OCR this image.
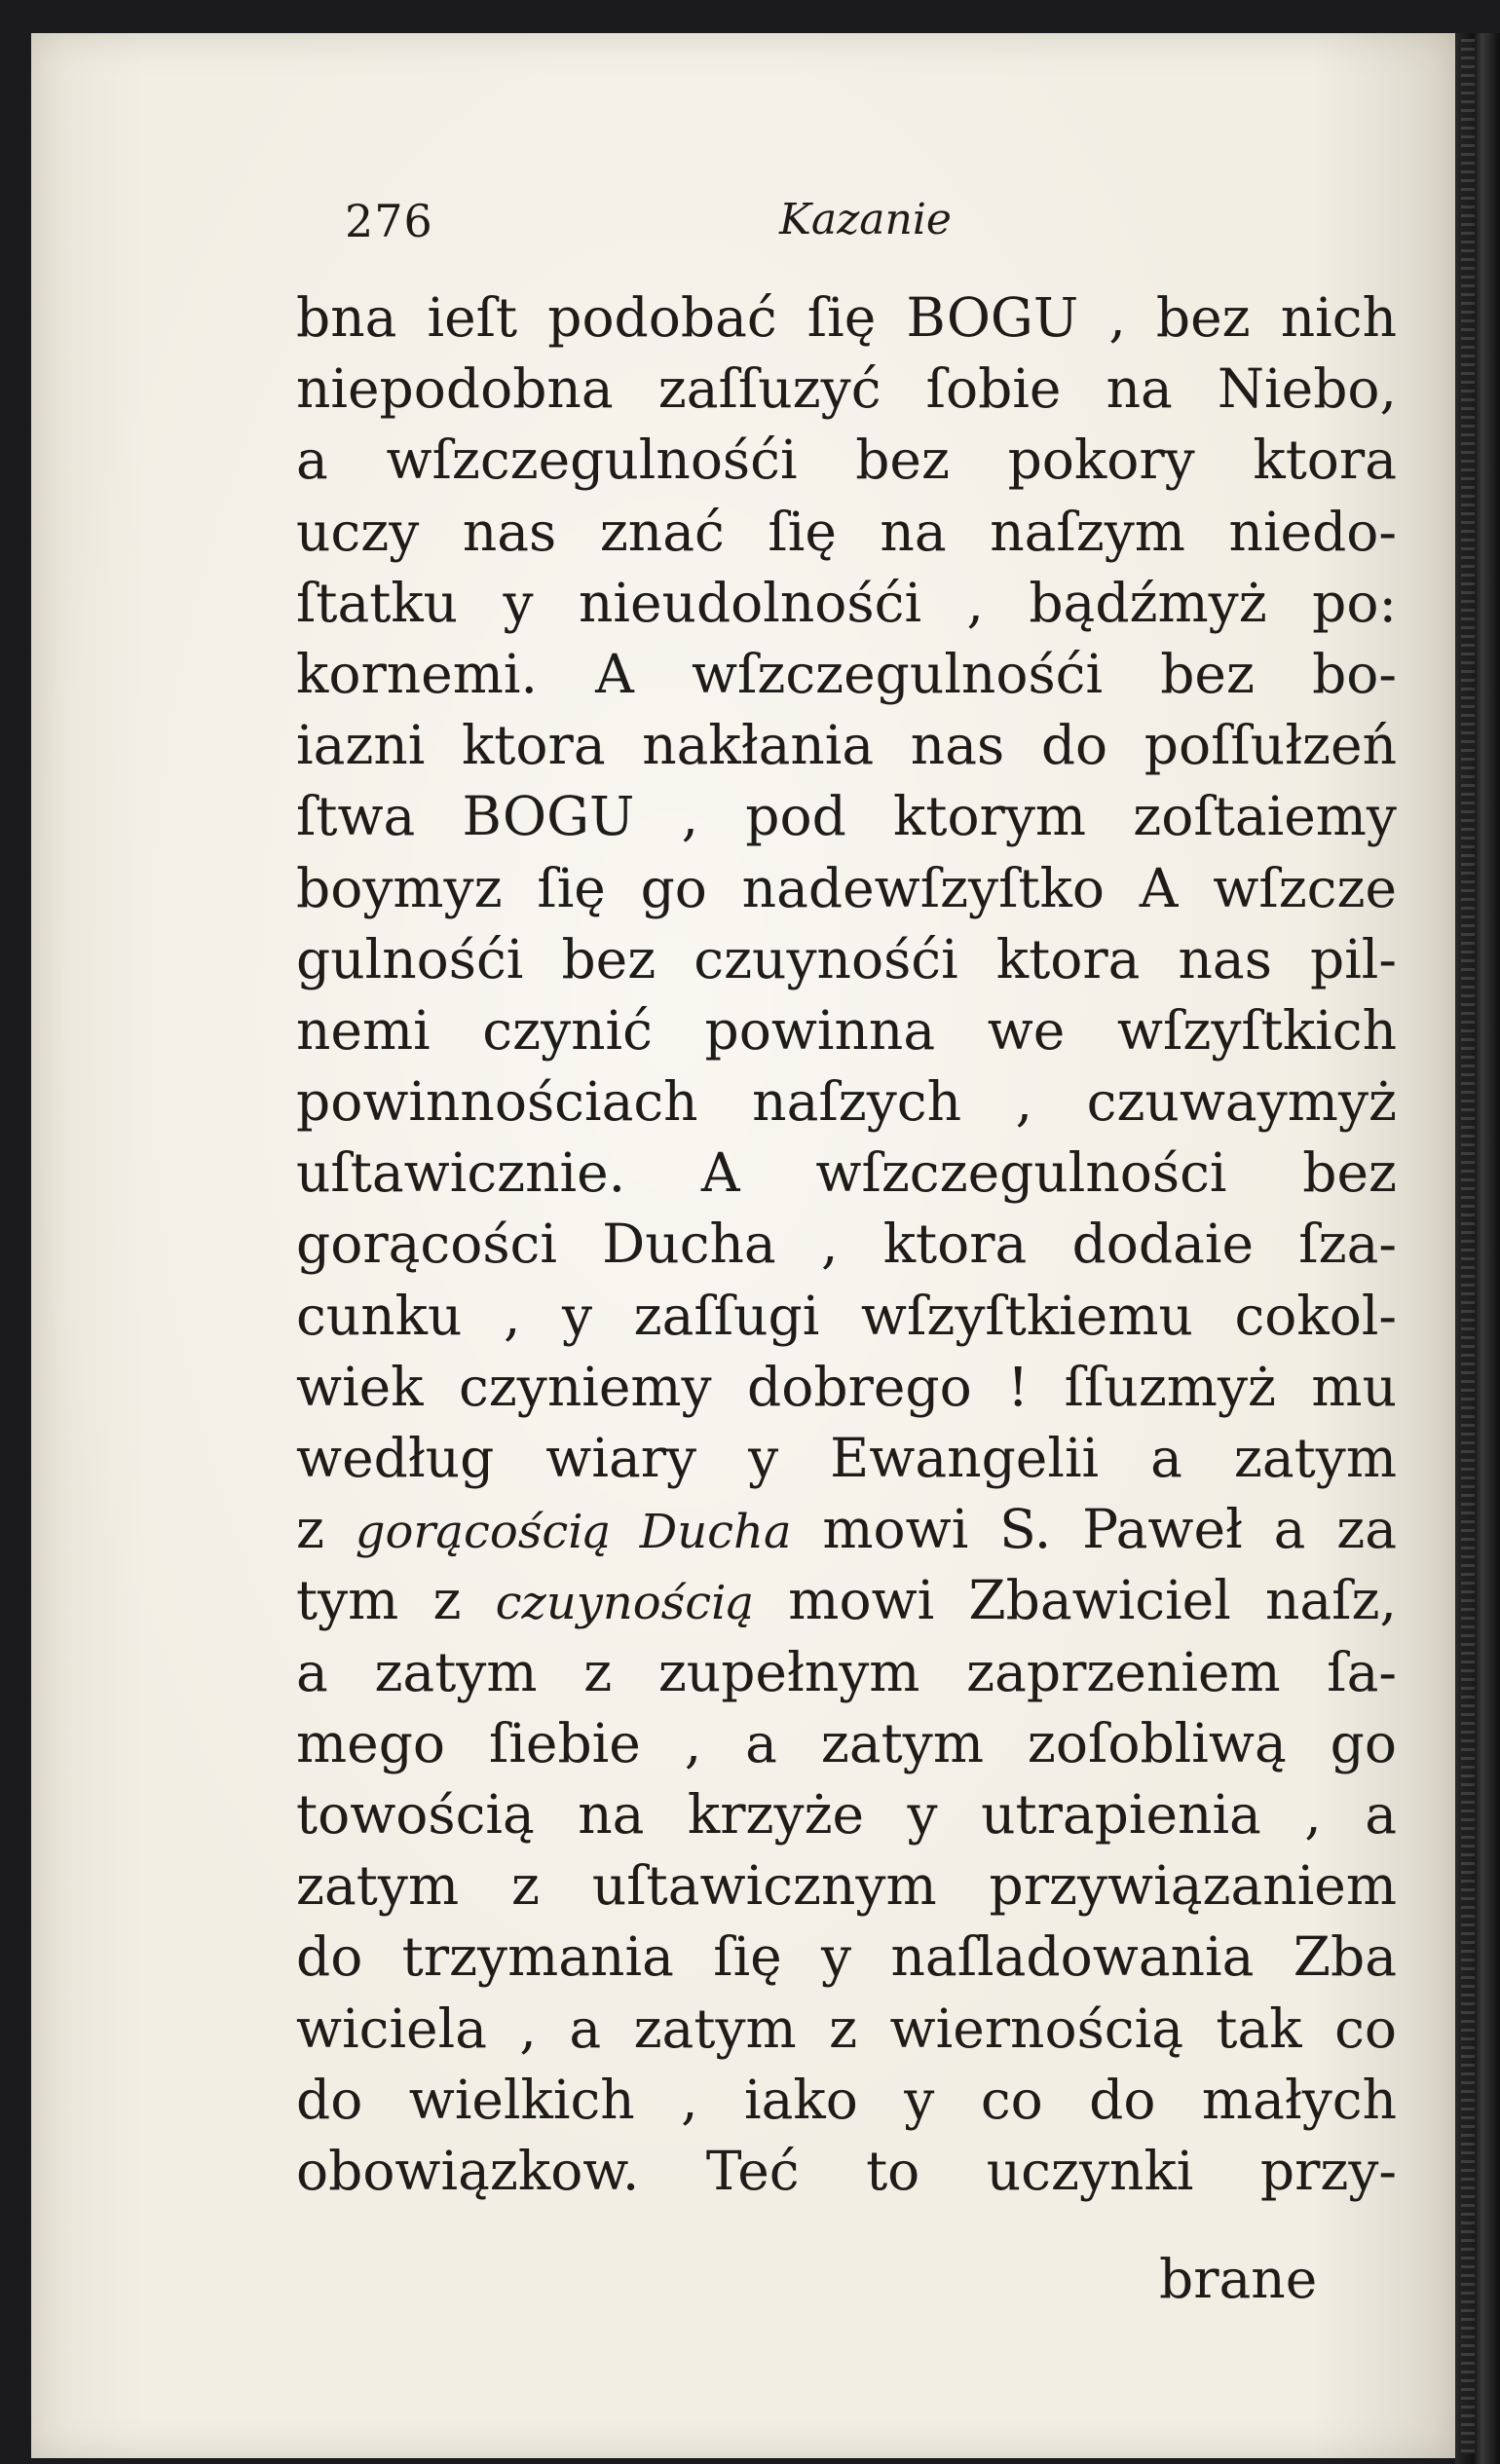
276	Kazanie
bna ieſt podobać ſię BOGU , bez nich
niepodobna zaſſuzyć ſobie na Niebo,
a wſzczegulnośći bez pokory ktora
uczy nas znać ſię na naſzym niedo-
ſtatku y nieudolnośći , bądźmyż po:
kornemi. A wſzczegulnośći bez bo-
iazni ktora nakłania nas do poſſułzeń
ſtwa BOGU , pod ktorym zoſtaiemy
boymyz ſię go nadewſzyſtko A wſzcze
gulnośći bez czuynośći ktora nas pil-
nemi czynić powinna we wſzyſtkich
powinnościach naſzych , czuwaymyż
uſtawicznie. A wſzczegulności bez
gorącości Ducha , ktora dodaie ſza-
cunku , y zaſſugi wſzyſtkiemu cokol-
wiek czyniemy dobrego ! ſſuzmyż mu
według wiary y Ewangelii a zatym
z gorącością Ducha mowi S. Paweł a za
tym z czuynością mowi Zbawiciel naſz,
a zatym z zupełnym zaprzeniem ſa-
mego ſiebie , a zatym zoſobliwą go
towością na krzyże y utrapienia , a
zatym z uſtawicznym przywiązaniem
do trzymania ſię y naſladowania Zba
wiciela , a zatym z wiernością tak co
do wielkich , iako y co do małych
obowiązkow. Teć to uczynki przy-
brane
